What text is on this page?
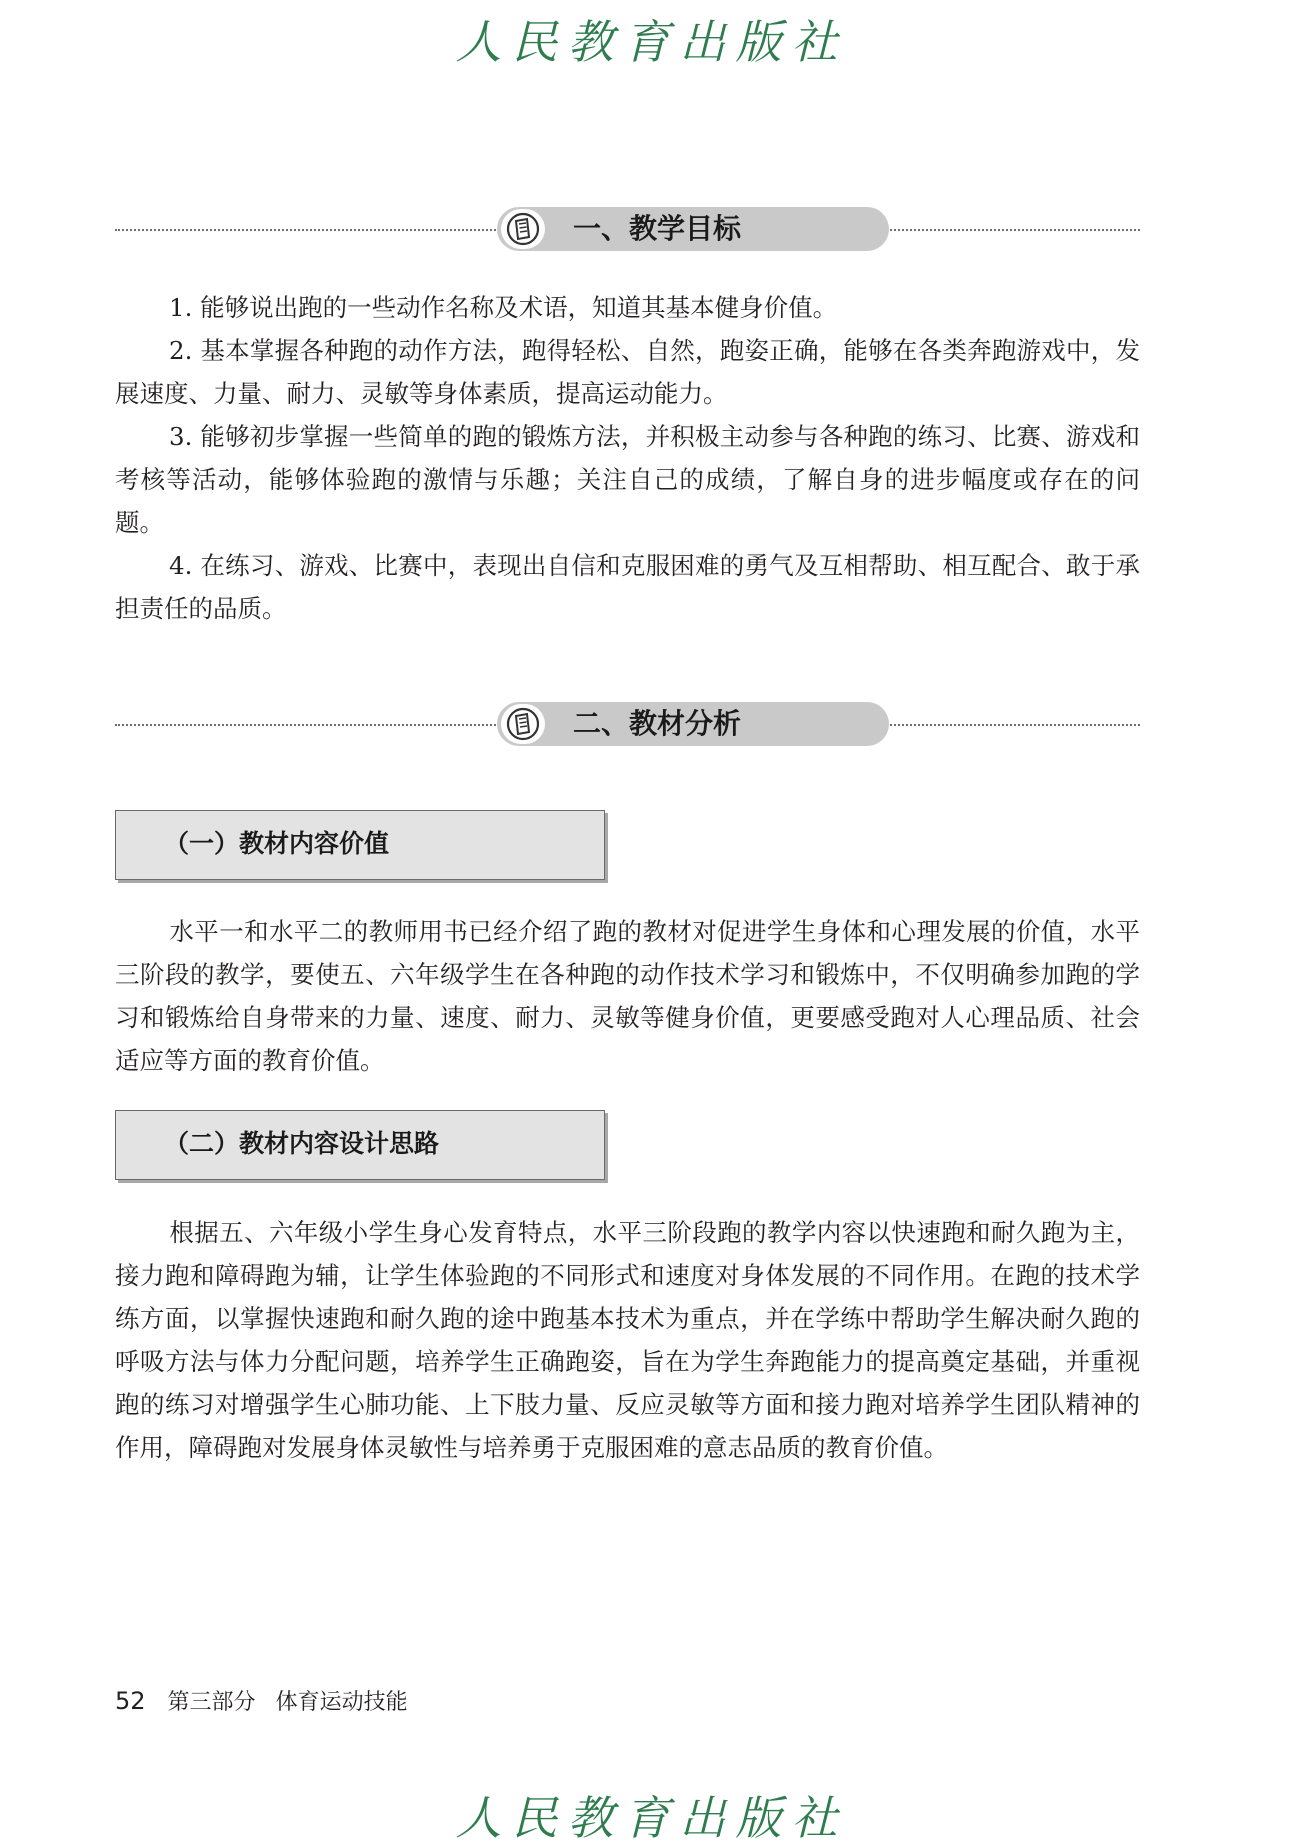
人民教育出版社
一、教学目标

1. 能够说出跑的一些动作名称及术语，知道其基本健身价值。

2. 基本掌握各种跑的动作方法，跑得轻松、自然，跑姿正确，能够在各类奔跑游戏中，发展速度、力量、耐力、灵敏等身体素质，提高运动能力。

3. 能够初步掌握一些简单的跑的锻炼方法，并积极主动参与各种跑的练习、比赛、游戏和考核等活动，能够体验跑的激情与乐趣；关注自己的成绩，了解自身的进步幅度或存在的问题。

4. 在练习、游戏、比赛中，表现出自信和克服困难的勇气及互相帮助、相互配合、敢于承担责任的品质。

二、教材分析
（一）教材内容价值

水平一和水平二的教师用书已经介绍了跑的教材对促进学生身体和心理发展的价值，水平三阶段的教学，要使五、六年级学生在各种跑的动作技术学习和锻炼中，不仅明确参加跑的学习和锻炼给自身带来的力量、速度、耐力、灵敏等健身价值，更要感受跑对人心理品质、社会适应等方面的教育价值。

（二）教材内容设计思路

根据五、六年级小学生身心发育特点，水平三阶段跑的教学内容以快速跑和耐久跑为主，接力跑和障碍跑为辅，让学生体验跑的不同形式和速度对身体发展的不同作用。在跑的技术学练方面，以掌握快速跑和耐久跑的途中跑基本技术为重点，并在学练中帮助学生解决耐久跑的呼吸方法与体力分配问题，培养学生正确跑姿，旨在为学生奔跑能力的提高奠定基础，并重视跑的练习对增强学生心肺功能、上下肢力量、反应灵敏等方面和接力跑对培养学生团队精神的作用，障碍跑对发展身体灵敏性与培养勇于克服困难的意志品质的教育价值。

52 第三部分 体育运动技能
人民教育出版社
